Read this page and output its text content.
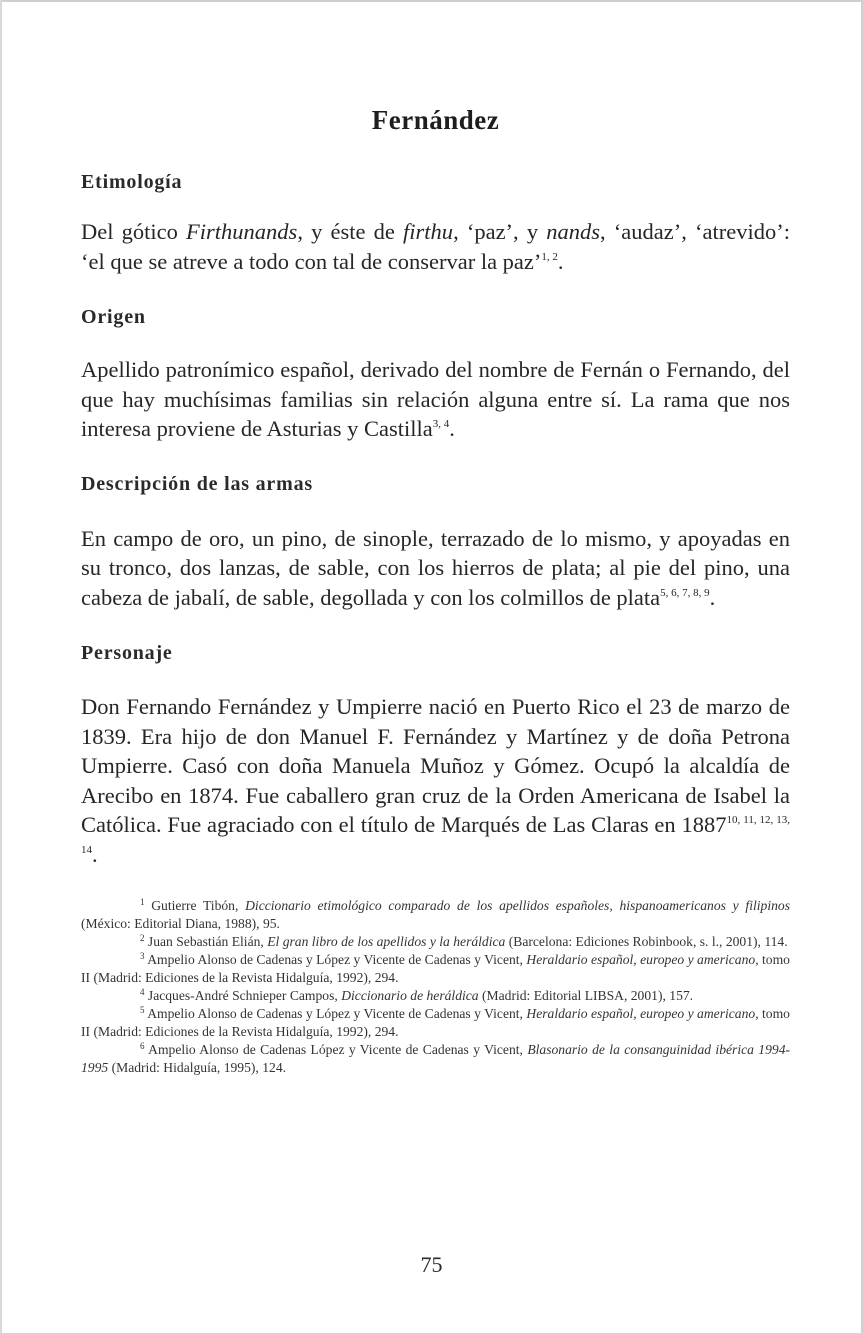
Fernández
Etimología

Del gótico Firthunands, y éste de firthu, ‘paz’, y nands, ‘audaz’, ‘atrevido’: ‘el que se atreve a todo con tal de conservar la paz’$^{1, 2}$.

Origen

Apellido patronímico español, derivado del nombre de Fernán o Fernando, del que hay muchísimas familias sin relación alguna entre sí. La rama que nos interesa proviene de Asturias y Castilla$^{3, 4}$.

Descripción de las armas

En campo de oro, un pino, de sinople, terrazado de lo mismo, y apoyadas en su tronco, dos lanzas, de sable, con los hierros de plata; al pie del pino, una cabeza de jabalí, de sable, degollada y con los colmillos de plata$^{5, 6, 7, 8, 9}$.

Personaje

Don Fernando Fernández y Umpierre nació en Puerto Rico el 23 de marzo de 1839. Era hijo de don Manuel F. Fernández y Martínez y de doña Petrona Umpierre. Casó con doña Manuela Muñoz y Gómez. Ocupó la alcaldía de Arecibo en 1874. Fue caballero gran cruz de la Orden Americana de Isabel la Católica. Fue agraciado con el título de Marqués de Las Claras en 1887$^{10, 11, 12, 13, 14}$.

$^1$ Gutierre Tibón, Diccionario etimológico comparado de los apellidos españoles, hispanoamericanos y filipinos (México: Editorial Diana, 1988), 95.

$^2$ Juan Sebastián Elián, El gran libro de los apellidos y la heráldica (Barcelona: Ediciones Robinbook, s. l., 2001), 114.

$^3$ Ampelio Alonso de Cadenas y López y Vicente de Cadenas y Vicent, Heraldario español, europeo y americano, tomo II (Madrid: Ediciones de la Revista Hidalguía, 1992), 294.

$^4$ Jacques-André Schnieper Campos, Diccionario de heráldica (Madrid: Editorial LIBSA, 2001), 157.

$^5$ Ampelio Alonso de Cadenas y López y Vicente de Cadenas y Vicent, Heraldario español, europeo y americano, tomo II (Madrid: Ediciones de la Revista Hidalguía, 1992), 294.

$^6$ Ampelio Alonso de Cadenas López y Vicente de Cadenas y Vicent, Blasonario de la consanguinidad ibérica 1994-1995 (Madrid: Hidalguía, 1995), 124.

75
